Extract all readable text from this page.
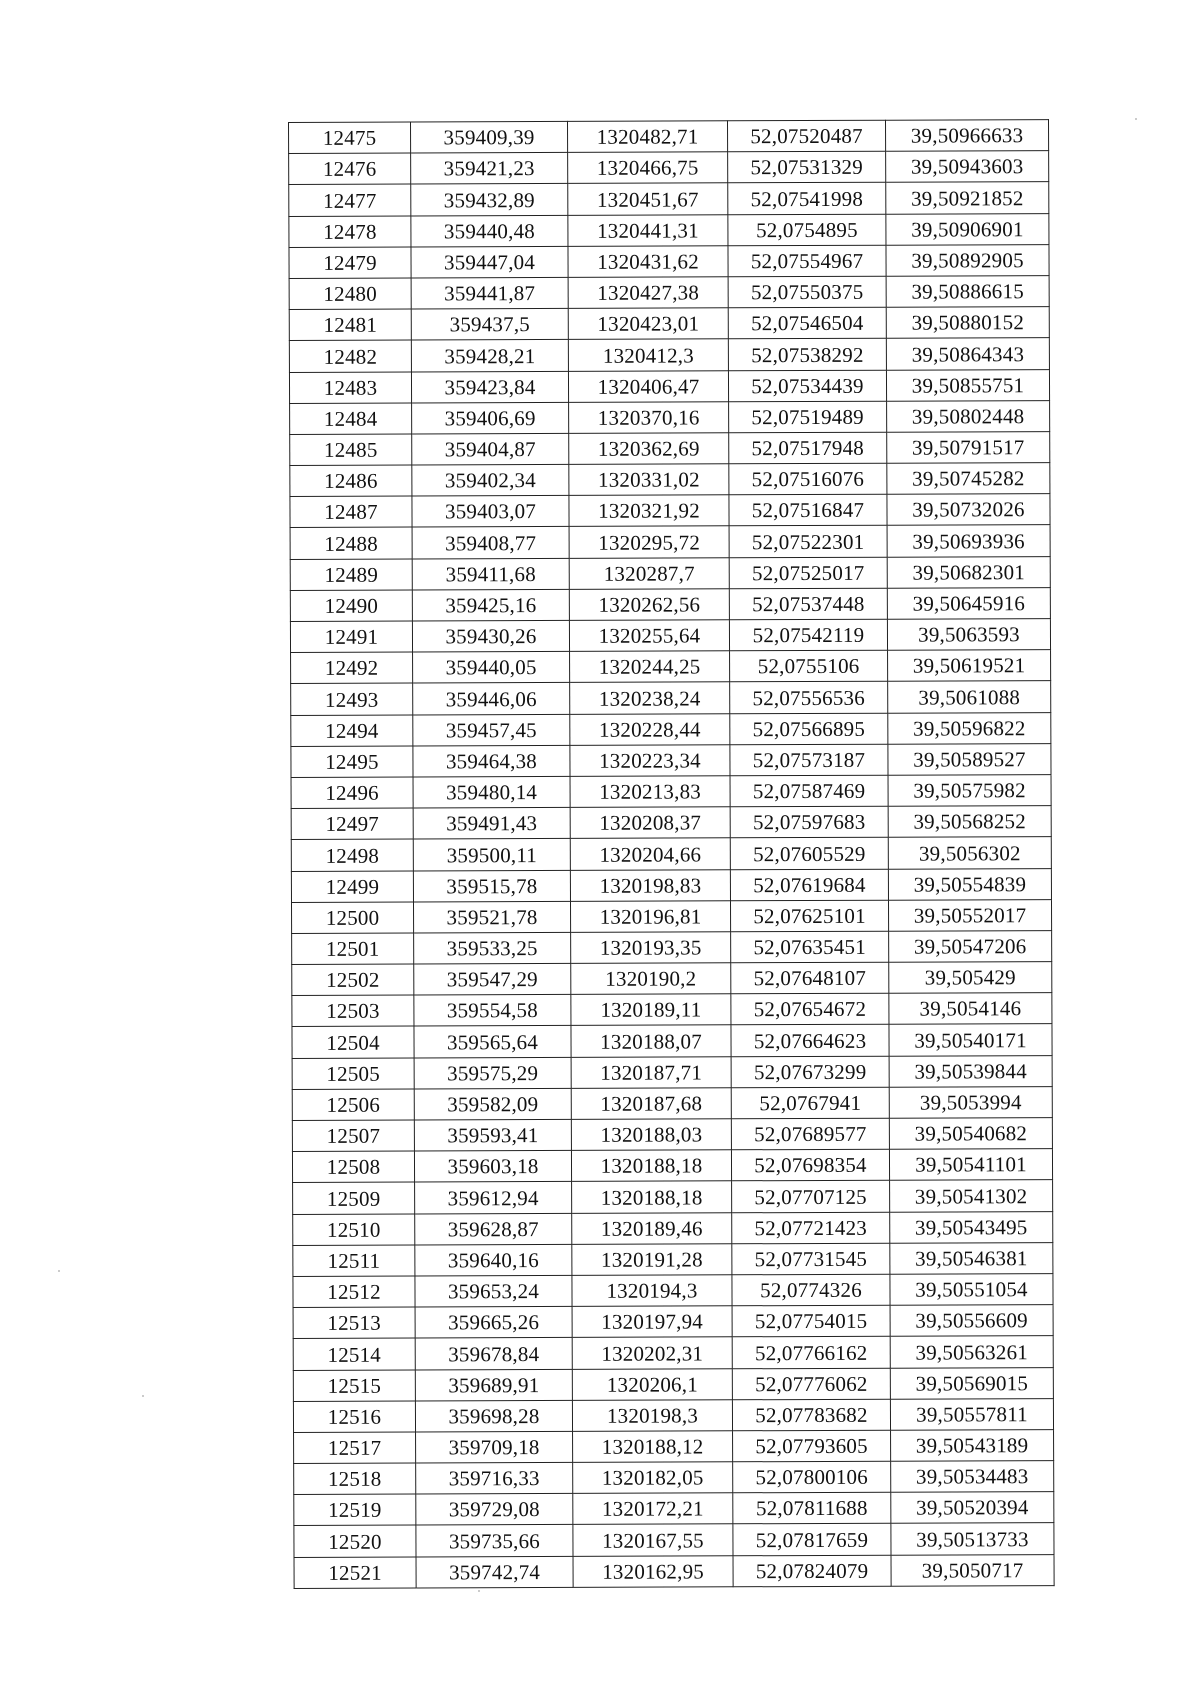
12475	359409,39	1320482,71	52,07520487	39,50966633
12476	359421,23	1320466,75	52,07531329	39,50943603
12477	359432,89	1320451,67	52,07541998	39,50921852
12478	359440,48	1320441,31	52,0754895	39,50906901
12479	359447,04	1320431,62	52,07554967	39,50892905
12480	359441,87	1320427,38	52,07550375	39,50886615
12481	359437,5	1320423,01	52,07546504	39,50880152
12482	359428,21	1320412,3	52,07538292	39,50864343
12483	359423,84	1320406,47	52,07534439	39,50855751
12484	359406,69	1320370,16	52,07519489	39,50802448
12485	359404,87	1320362,69	52,07517948	39,50791517
12486	359402,34	1320331,02	52,07516076	39,50745282
12487	359403,07	1320321,92	52,07516847	39,50732026
12488	359408,77	1320295,72	52,07522301	39,50693936
12489	359411,68	1320287,7	52,07525017	39,50682301
12490	359425,16	1320262,56	52,07537448	39,50645916
12491	359430,26	1320255,64	52,07542119	39,5063593
12492	359440,05	1320244,25	52,0755106	39,50619521
12493	359446,06	1320238,24	52,07556536	39,5061088
12494	359457,45	1320228,44	52,07566895	39,50596822
12495	359464,38	1320223,34	52,07573187	39,50589527
12496	359480,14	1320213,83	52,07587469	39,50575982
12497	359491,43	1320208,37	52,07597683	39,50568252
12498	359500,11	1320204,66	52,07605529	39,5056302
12499	359515,78	1320198,83	52,07619684	39,50554839
12500	359521,78	1320196,81	52,07625101	39,50552017
12501	359533,25	1320193,35	52,07635451	39,50547206
12502	359547,29	1320190,2	52,07648107	39,505429
12503	359554,58	1320189,11	52,07654672	39,5054146
12504	359565,64	1320188,07	52,07664623	39,50540171
12505	359575,29	1320187,71	52,07673299	39,50539844
12506	359582,09	1320187,68	52,0767941	39,5053994
12507	359593,41	1320188,03	52,07689577	39,50540682
12508	359603,18	1320188,18	52,07698354	39,50541101
12509	359612,94	1320188,18	52,07707125	39,50541302
12510	359628,87	1320189,46	52,07721423	39,50543495
12511	359640,16	1320191,28	52,07731545	39,50546381
12512	359653,24	1320194,3	52,0774326	39,50551054
12513	359665,26	1320197,94	52,07754015	39,50556609
12514	359678,84	1320202,31	52,07766162	39,50563261
12515	359689,91	1320206,1	52,07776062	39,50569015
12516	359698,28	1320198,3	52,07783682	39,50557811
12517	359709,18	1320188,12	52,07793605	39,50543189
12518	359716,33	1320182,05	52,07800106	39,50534483
12519	359729,08	1320172,21	52,07811688	39,50520394
12520	359735,66	1320167,55	52,07817659	39,50513733
12521	359742,74	1320162,95	52,07824079	39,5050717
